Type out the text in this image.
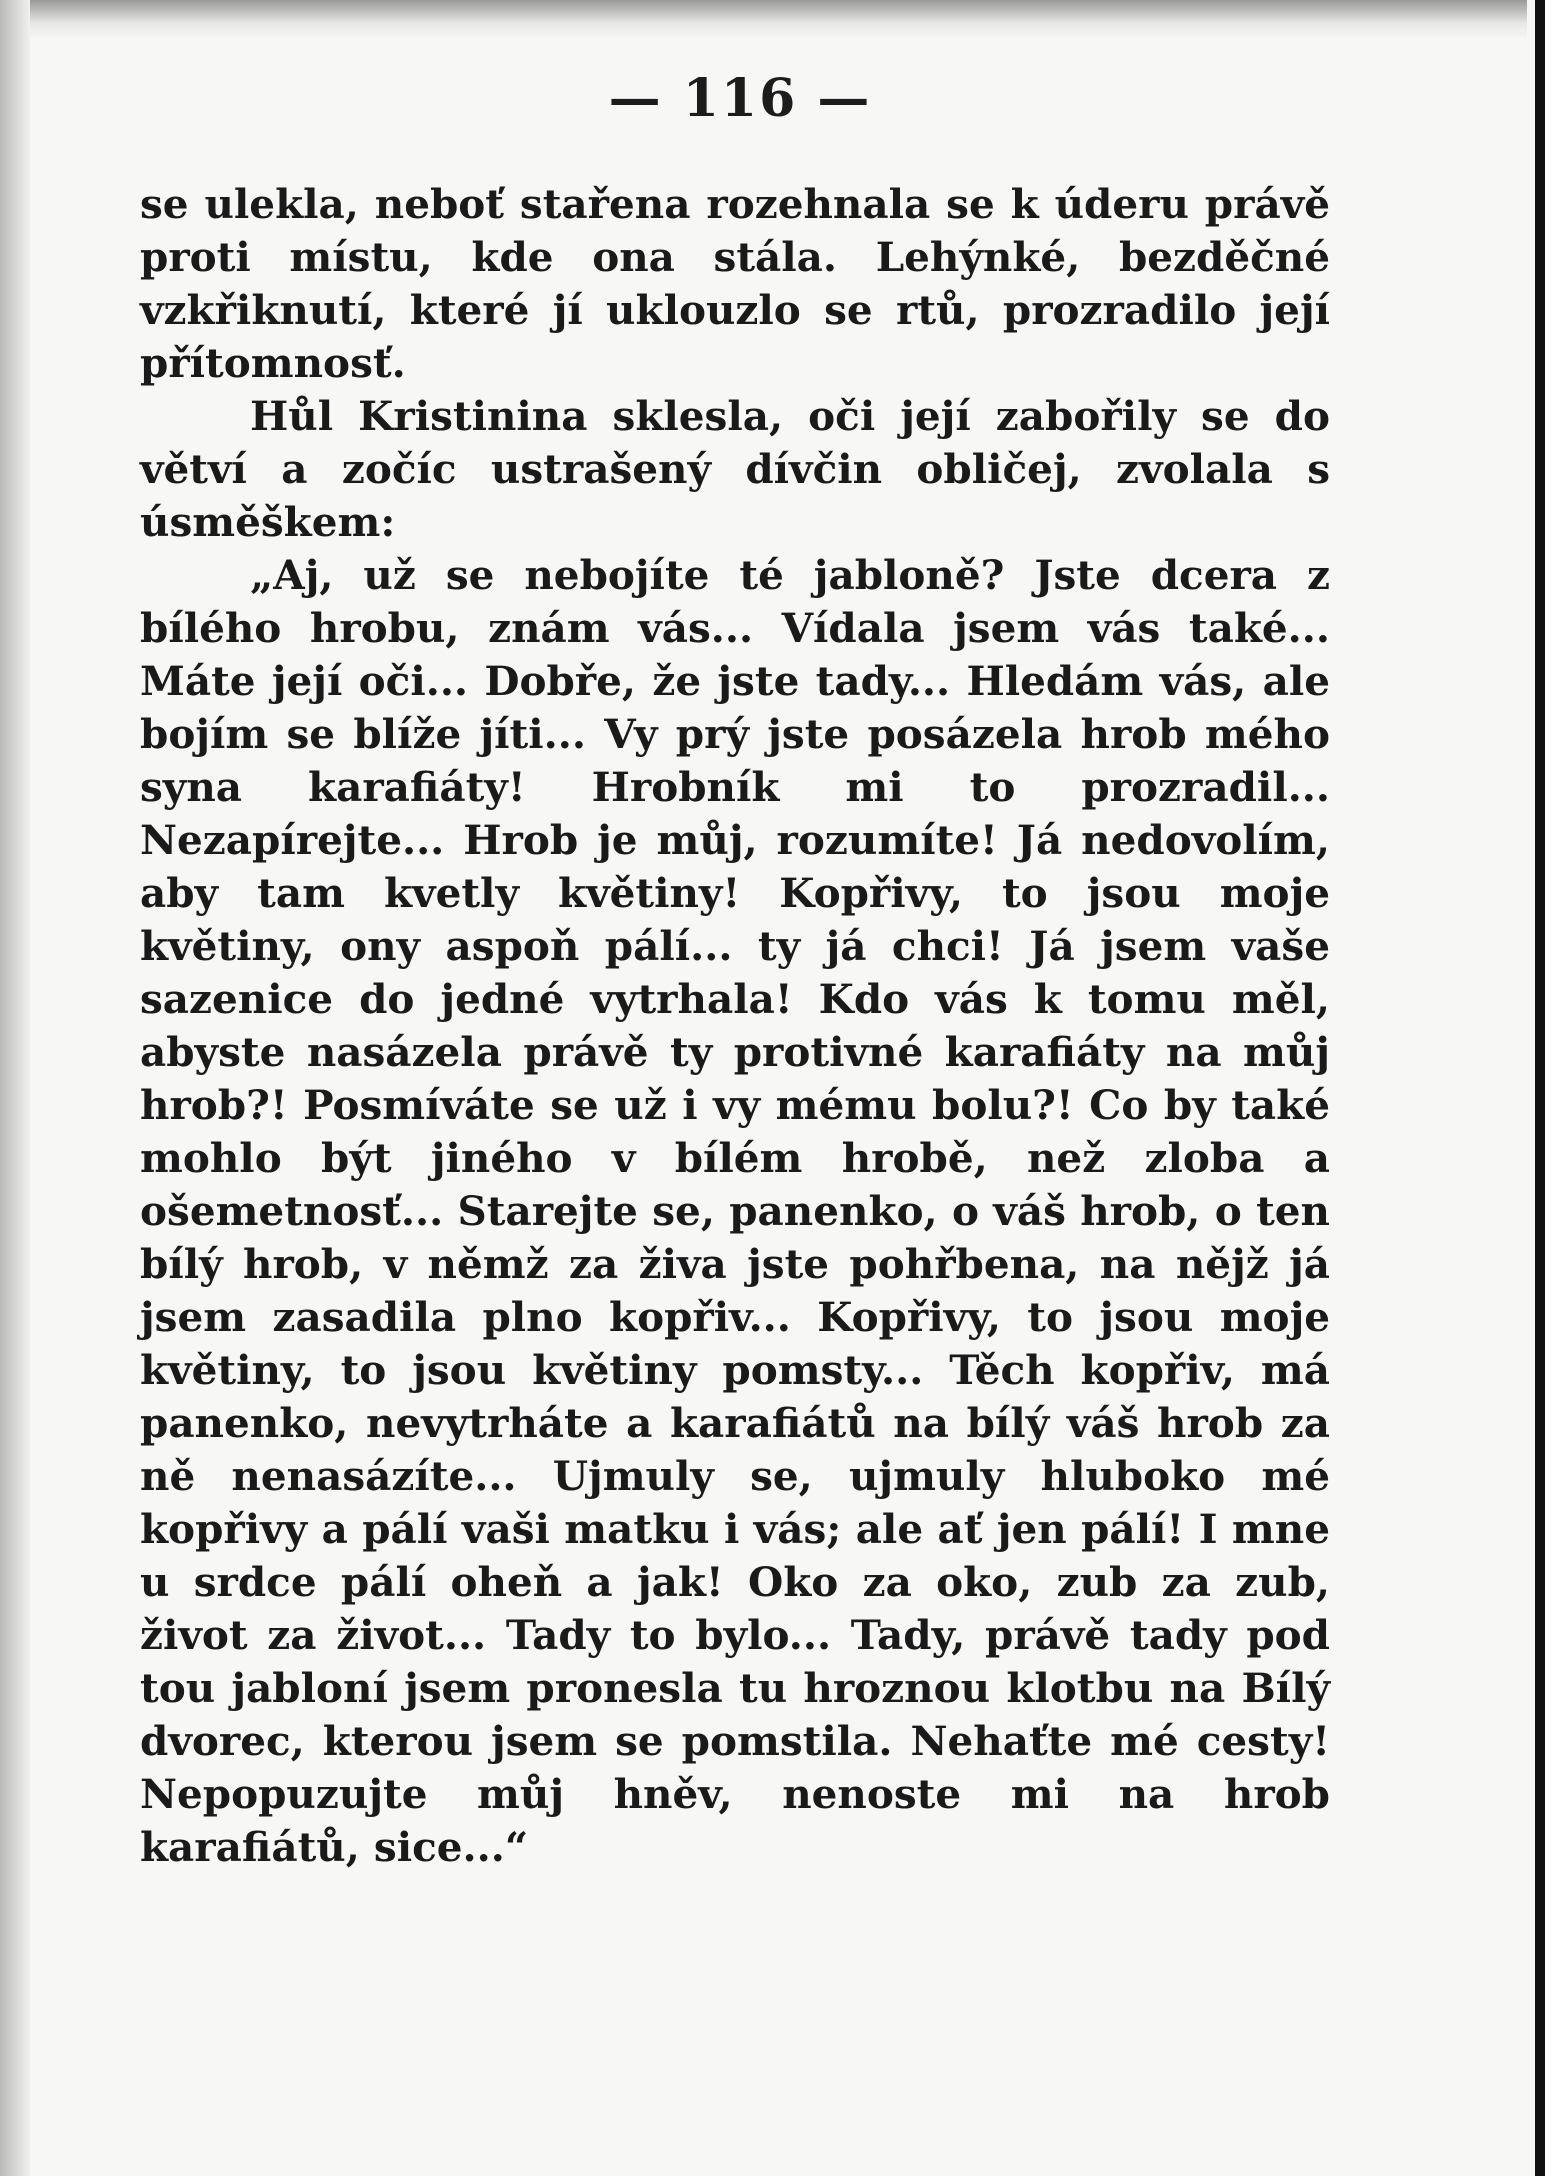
— 116 —

se ulekla, neboť stařena rozehnala se k úderu právě proti místu, kde ona stála. Lehýnké, bezděčné vzkřiknutí, které jí uklouzlo se rtů, prozradilo její přítomnosť.

Hůl Kristinina sklesla, oči její zabořily se do větví a zočíc ustrašený dívčin obličej, zvolala s úsměškem:

„Aj, už se nebojíte té jabloně? Jste dcera z bílého hrobu, znám vás... Vídala jsem vás také... Máte její oči... Dobře, že jste tady... Hledám vás, ale bojím se blíže jíti... Vy prý jste posázela hrob mého syna karafiáty! Hrobník mi to prozradil... Nezapírejte... Hrob je můj, rozumíte! Já nedovolím, aby tam kvetly květiny! Kopřivy, to jsou moje květiny, ony aspoň pálí... ty já chci! Já jsem vaše sazenice do jedné vytrhala! Kdo vás k tomu měl, abyste nasázela právě ty protivné karafiáty na můj hrob?! Posmíváte se už i vy mému bolu?! Co by také mohlo být jiného v bílém hrobě, než zloba a ošemetnosť... Starejte se, panenko, o váš hrob, o ten bílý hrob, v němž za živa jste pohřbena, na nějž já jsem zasadila plno kopřiv... Kopřivy, to jsou moje květiny, to jsou květiny pomsty... Těch kopřiv, má panenko, nevytrháte a karafiátů na bílý váš hrob za ně nenasázíte... Ujmuly se, ujmuly hluboko mé kopřivy a pálí vaši matku i vás; ale ať jen pálí! I mne u srdce pálí oheň a jak! Oko za oko, zub za zub, život za život... Tady to bylo... Tady, právě tady pod tou jabloní jsem pronesla tu hroznou klotbu na Bílý dvorec, kterou jsem se pomstila. Nehaťte mé cesty! Nepopuzujte můj hněv, nenoste mi na hrob karafiátů, sice...“
